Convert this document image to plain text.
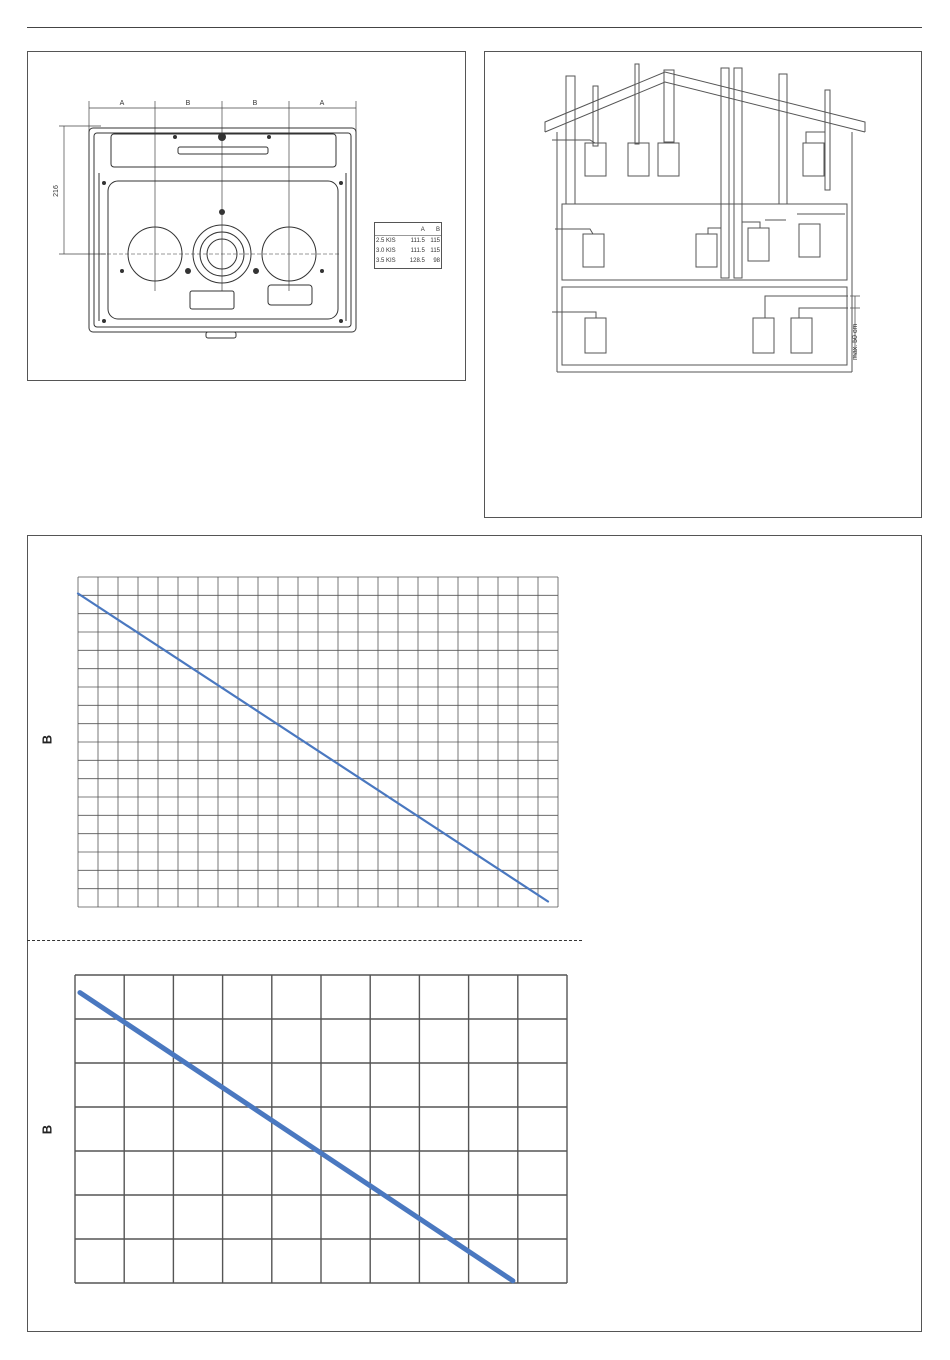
A	B	B	A
216
	A	B
2.5 KIS	111.5	115
3.0 KIS	111.5	115
3.5 KIS	128.5	98
max. 50 cm
B
B
